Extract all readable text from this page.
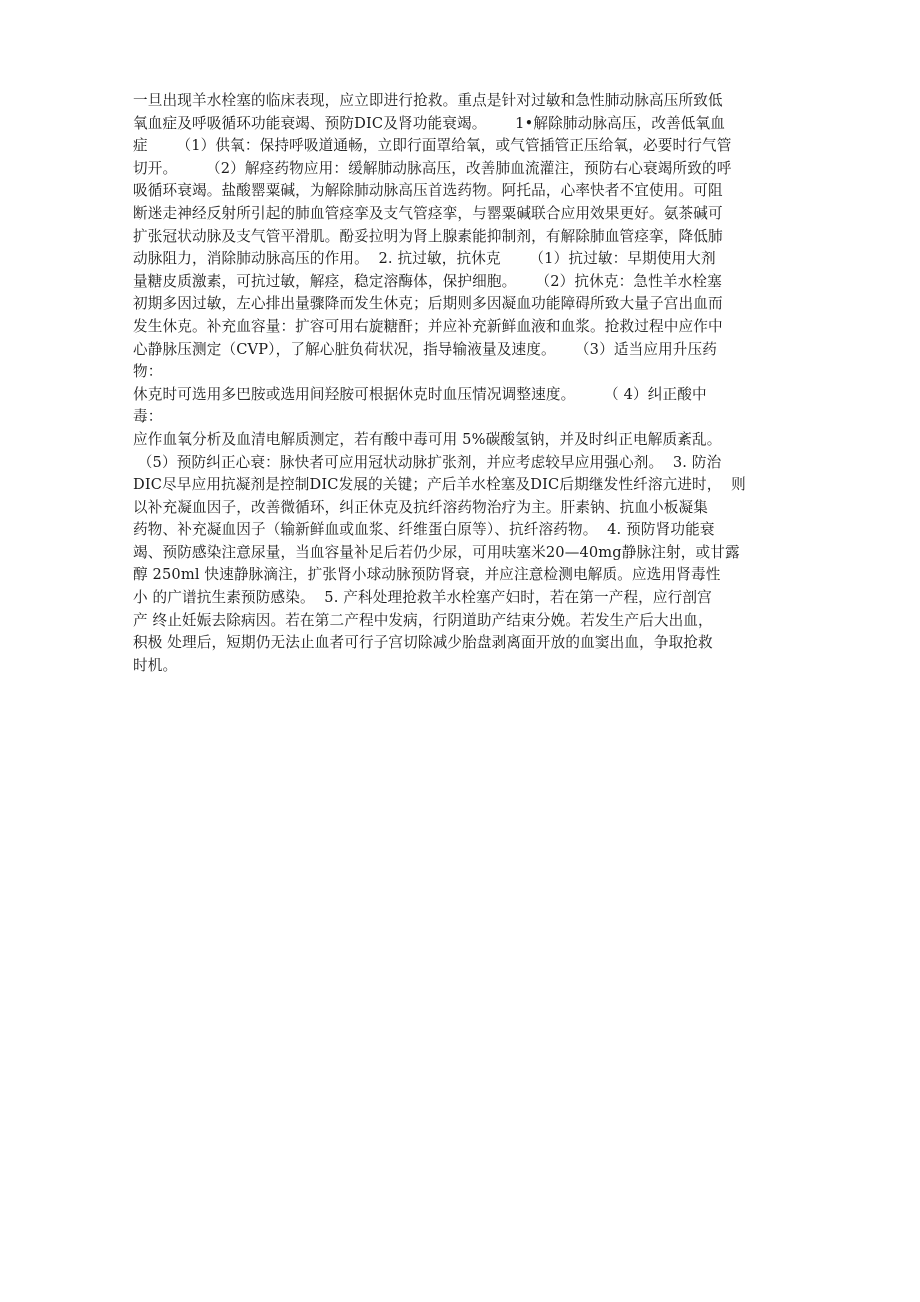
一旦出现羊水栓塞的临床表现，应立即进行抢救。重点是针对过敏和急性肺动脉高压所致低
氧血症及呼吸循环功能衰竭、预防DIC及肾功能衰竭。      1•解除肺动脉高压，改善低氧血
症      （1）供氧：保持呼吸道通畅，立即行面罩给氧，或气管插管正压给氧，必要时行气管
切开。      （2）解痉药物应用：缓解肺动脉高压，改善肺血流灌注，预防右心衰竭所致的呼
吸循环衰竭。盐酸罂粟碱，为解除肺动脉高压首选药物。阿托品，心率快者不宜使用。可阻
断迷走神经反射所引起的肺血管痉挛及支气管痉挛，与罂粟碱联合应用效果更好。氨茶碱可
扩张冠状动脉及支气管平滑肌。酚妥拉明为肾上腺素能抑制剂，有解除肺血管痉挛，降低肺
动脉阻力，消除肺动脉高压的作用。  2. 抗过敏，抗休克      （1）抗过敏：早期使用大剂
量糖皮质激素，可抗过敏，解痉，稳定溶酶体，保护细胞。    （2）抗休克：急性羊水栓塞
初期多因过敏，左心排出量骤降而发生休克；后期则多因凝血功能障碍所致大量子宫出血而
发生休克。补充血容量：扩容可用右旋糖酐；并应补充新鲜血液和血浆。抢救过程中应作中
心静脉压测定（CVP），了解心脏负荷状况，指导输液量及速度。    （3）适当应用升压药
物：
休克时可选用多巴胺或选用间羟胺可根据休克时血压情况调整速度。      （ 4）纠正酸中
毒：
应作血氧分析及血清电解质测定，若有酸中毒可用 5%碳酸氢钠，并及时纠正电解质紊乱。
（5）预防纠正心衰：脉快者可应用冠状动脉扩张剂，并应考虑较早应用强心剂。  3. 防治
DIC尽早应用抗凝剂是控制DIC发展的关键；产后羊水栓塞及DIC后期继发性纤溶亢进时，  则
以补充凝血因子，改善微循环，纠正休克及抗纤溶药物治疗为主。肝素钠、抗血小板凝集
药物、补充凝血因子（输新鲜血或血浆、纤维蛋白原等）、抗纤溶药物。  4. 预防肾功能衰
竭、预防感染注意尿量，当血容量补足后若仍少尿，可用呋塞米20—40mg静脉注射，或甘露
醇 250ml 快速静脉滴注，扩张肾小球动脉预防肾衰，并应注意检测电解质。应选用肾毒性
小 的广谱抗生素预防感染。  5. 产科处理抢救羊水栓塞产妇时，若在第一产程，应行剖宫
产 终止妊娠去除病因。若在第二产程中发病，行阴道助产结束分娩。若发生产后大出血，
积极 处理后，短期仍无法止血者可行子宫切除减少胎盘剥离面开放的血窦出血，争取抢救
时机。
